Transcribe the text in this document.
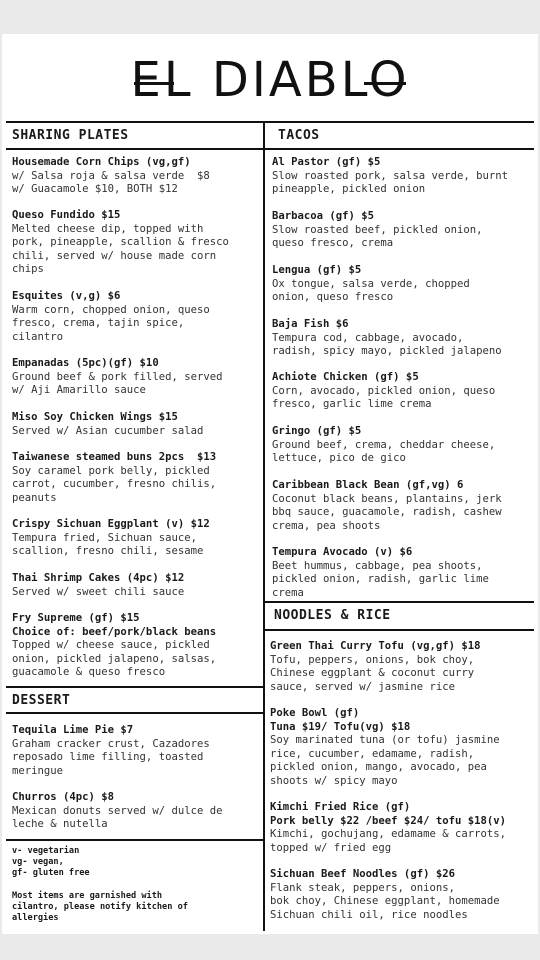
EL DIABLO
SHARING PLATES	TACOS
NOODLES & RICE
DESSERT
Housemade Corn Chips (vg,gf)
w/ Salsa roja & salsa verde  $8
w/ Guacamole $10, BOTH $12
Queso Fundido $15
Melted cheese dip, topped with
pork, pineapple, scallion & fresco
chili, served w/ house made corn
chips
Esquites (v,g) $6
Warm corn, chopped onion, queso
fresco, crema, tajin spice,
cilantro
Empanadas (5pc)(gf) $10
Ground beef & pork filled, served
w/ Aji Amarillo sauce
Miso Soy Chicken Wings $15
Served w/ Asian cucumber salad
Taiwanese steamed buns 2pcs  $13
Soy caramel pork belly, pickled
carrot, cucumber, fresno chilis,
peanuts
Crispy Sichuan Eggplant (v) $12
Tempura fried, Sichuan sauce,
scallion, fresno chili, sesame
Thai Shrimp Cakes (4pc) $12
Served w/ sweet chili sauce
Fry Supreme (gf) $15
Choice of: beef/pork/black beans
Topped w/ cheese sauce, pickled
onion, pickled jalapeno, salsas,
guacamole & queso fresco
Tequila Lime Pie $7
Graham cracker crust, Cazadores
reposado lime filling, toasted
meringue
Churros (4pc) $8
Mexican donuts served w/ dulce de
leche & nutella
v- vegetarian
vg- vegan,
gf- gluten free
Most items are garnished with
cilantro, please notify kitchen of
allergies
Al Pastor (gf) $5
Slow roasted pork, salsa verde, burnt
pineapple, pickled onion
Barbacoa (gf) $5
Slow roasted beef, pickled onion,
queso fresco, crema
Lengua (gf) $5
Ox tongue, salsa verde, chopped
onion, queso fresco
Baja Fish $6
Tempura cod, cabbage, avocado,
radish, spicy mayo, pickled jalapeno
Achiote Chicken (gf) $5
Corn, avocado, pickled onion, queso
fresco, garlic lime crema
Gringo (gf) $5
Ground beef, crema, cheddar cheese,
lettuce, pico de gico
Caribbean Black Bean (gf,vg) 6
Coconut black beans, plantains, jerk
bbq sauce, guacamole, radish, cashew
crema, pea shoots
Tempura Avocado (v) $6
Beet hummus, cabbage, pea shoots,
pickled onion, radish, garlic lime
crema
Green Thai Curry Tofu (vg,gf) $18
Tofu, peppers, onions, bok choy,
Chinese eggplant & coconut curry
sauce, served w/ jasmine rice
Poke Bowl (gf)
Tuna $19/ Tofu(vg) $18
Soy marinated tuna (or tofu) jasmine
rice, cucumber, edamame, radish,
pickled onion, mango, avocado, pea
shoots w/ spicy mayo
Kimchi Fried Rice (gf)
Pork belly $22 /beef $24/ tofu $18(v)
Kimchi, gochujang, edamame & carrots,
topped w/ fried egg
Sichuan Beef Noodles (gf) $26
Flank steak, peppers, onions,
bok choy, Chinese eggplant, homemade
Sichuan chili oil, rice noodles
